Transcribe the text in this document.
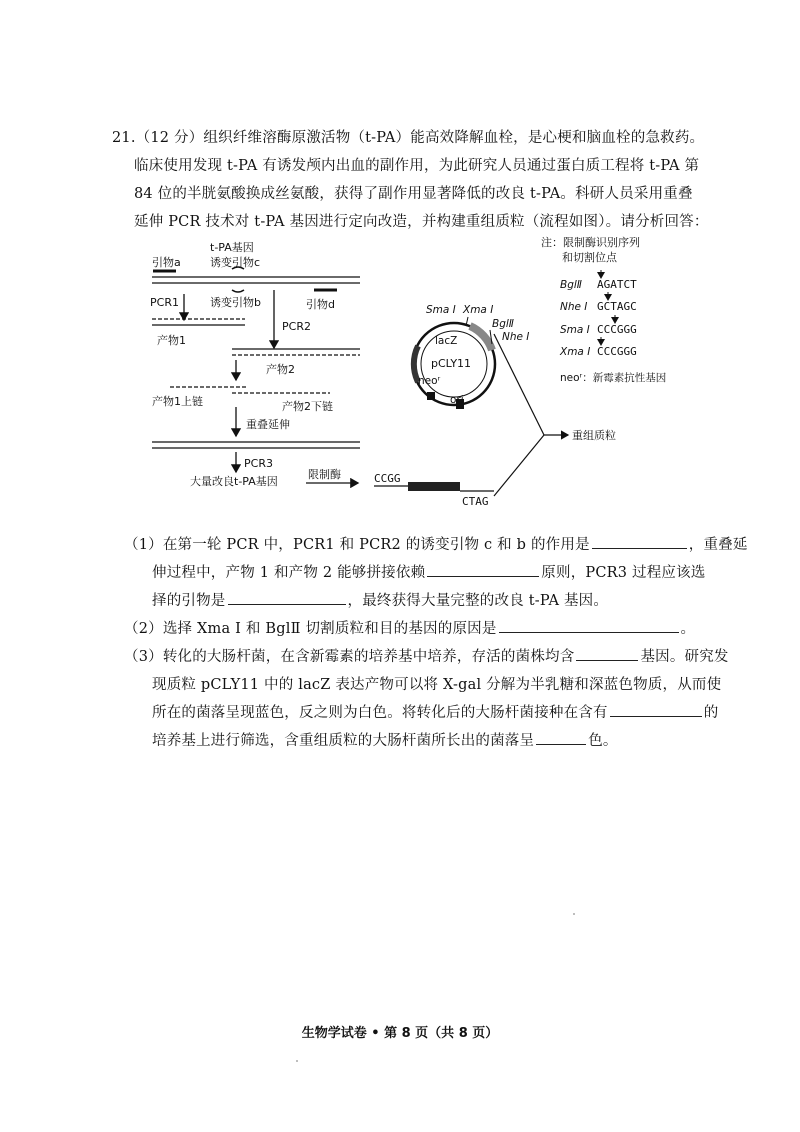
21.（12 分）组织纤维溶酶原激活物（t-PA）能高效降解血栓，是心梗和脑血栓的急救药。
临床使用发现 t-PA 有诱发颅内出血的副作用，为此研究人员通过蛋白质工程将 t-PA 第
84 位的半胱氨酸换成丝氨酸，获得了副作用显著降低的改良 t-PA。科研人员采用重叠
延伸 PCR 技术对 t-PA 基因进行定向改造，并构建重组质粒（流程如图）。请分析回答：
t-PA基因
诱变引物c
引物a
PCR1	诱变引物b	引物d
PCR2
产物1
产物2
产物1上链	产物2下链
重叠延伸
PCR3
大量改良t-PA基因
限制酶	CCGG
CTAG
lacZ
pCLY11
neoʳ
ori
Sma Ⅰ Xma Ⅰ
BglⅡ
Nhe Ⅰ
重组质粒
注：限制酶识别序列
和切割位点
BglⅡ AGATCT
Nhe Ⅰ GCTAGC
Sma Ⅰ CCCGGG
Xma Ⅰ CCCGGG
neoʳ：新霉素抗性基因
（1）在第一轮 PCR 中，PCR1 和 PCR2 的诱变引物 c 和 b 的作用是	，重叠延
伸过程中，产物 1 和产物 2 能够拼接依赖	原则，PCR3 过程应该选
择的引物是	，最终获得大量完整的改良 t-PA 基因。
（2）选择 Xma Ⅰ 和 BglⅡ 切割质粒和目的基因的原因是	。
（3）转化的大肠杆菌，在含新霉素的培养基中培养，存活的菌株均含	基因。研究发
现质粒 pCLY11 中的 lacZ 表达产物可以将 X-gal 分解为半乳糖和深蓝色物质，从而使
所在的菌落呈现蓝色，反之则为白色。将转化后的大肠杆菌接种在含有	的
培养基上进行筛选，含重组质粒的大肠杆菌所长出的菌落呈	色。
生物学试卷 • 第 8 页（共 8 页）
